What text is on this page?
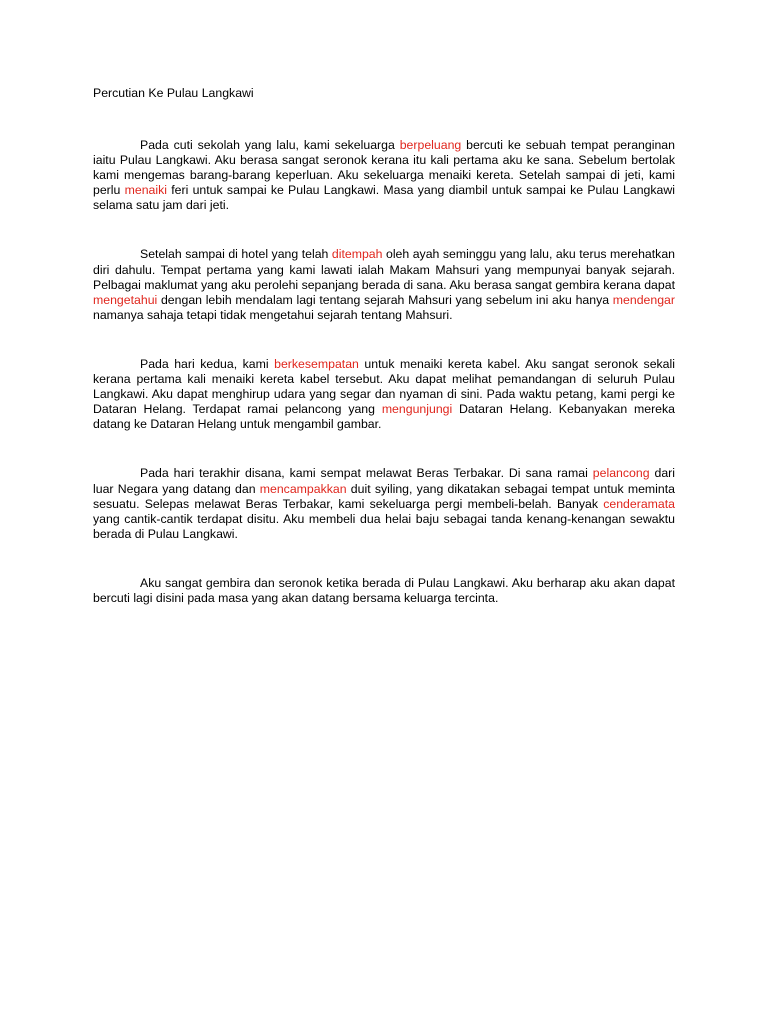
Percutian Ke Pulau Langkawi

Pada cuti sekolah yang lalu, kami sekeluarga berpeluang bercuti ke sebuah tempat peranginan iaitu Pulau Langkawi. Aku berasa sangat seronok kerana itu kali pertama aku ke sana. Sebelum bertolak kami mengemas barang-barang keperluan. Aku sekeluarga menaiki kereta. Setelah sampai di jeti, kami perlu menaiki feri untuk sampai ke Pulau Langkawi. Masa yang diambil untuk sampai ke Pulau Langkawi selama satu jam dari jeti.

Setelah sampai di hotel yang telah ditempah oleh ayah seminggu yang lalu, aku terus merehatkan diri dahulu. Tempat pertama yang kami lawati ialah Makam Mahsuri yang mempunyai banyak sejarah. Pelbagai maklumat yang aku perolehi sepanjang berada di sana. Aku berasa sangat gembira kerana dapat mengetahui dengan lebih mendalam lagi tentang sejarah Mahsuri yang sebelum ini aku hanya mendengar namanya sahaja tetapi tidak mengetahui sejarah tentang Mahsuri.

Pada hari kedua, kami berkesempatan untuk menaiki kereta kabel. Aku sangat seronok sekali kerana pertama kali menaiki kereta kabel tersebut. Aku dapat melihat pemandangan di seluruh Pulau Langkawi. Aku dapat menghirup udara yang segar dan nyaman di sini. Pada waktu petang, kami pergi ke Dataran Helang. Terdapat ramai pelancong yang mengunjungi Dataran Helang. Kebanyakan mereka datang ke Dataran Helang untuk mengambil gambar.

Pada hari terakhir disana, kami sempat melawat Beras Terbakar. Di sana ramai pelancong dari luar Negara yang datang dan mencampakkan duit syiling, yang dikatakan sebagai tempat untuk meminta sesuatu. Selepas melawat Beras Terbakar, kami sekeluarga pergi membeli-belah. Banyak cenderamata yang cantik-cantik terdapat disitu. Aku membeli dua helai baju sebagai tanda kenang-kenangan sewaktu berada di Pulau Langkawi.

Aku sangat gembira dan seronok ketika berada di Pulau Langkawi. Aku berharap aku akan dapat bercuti lagi disini pada masa yang akan datang bersama keluarga tercinta.
